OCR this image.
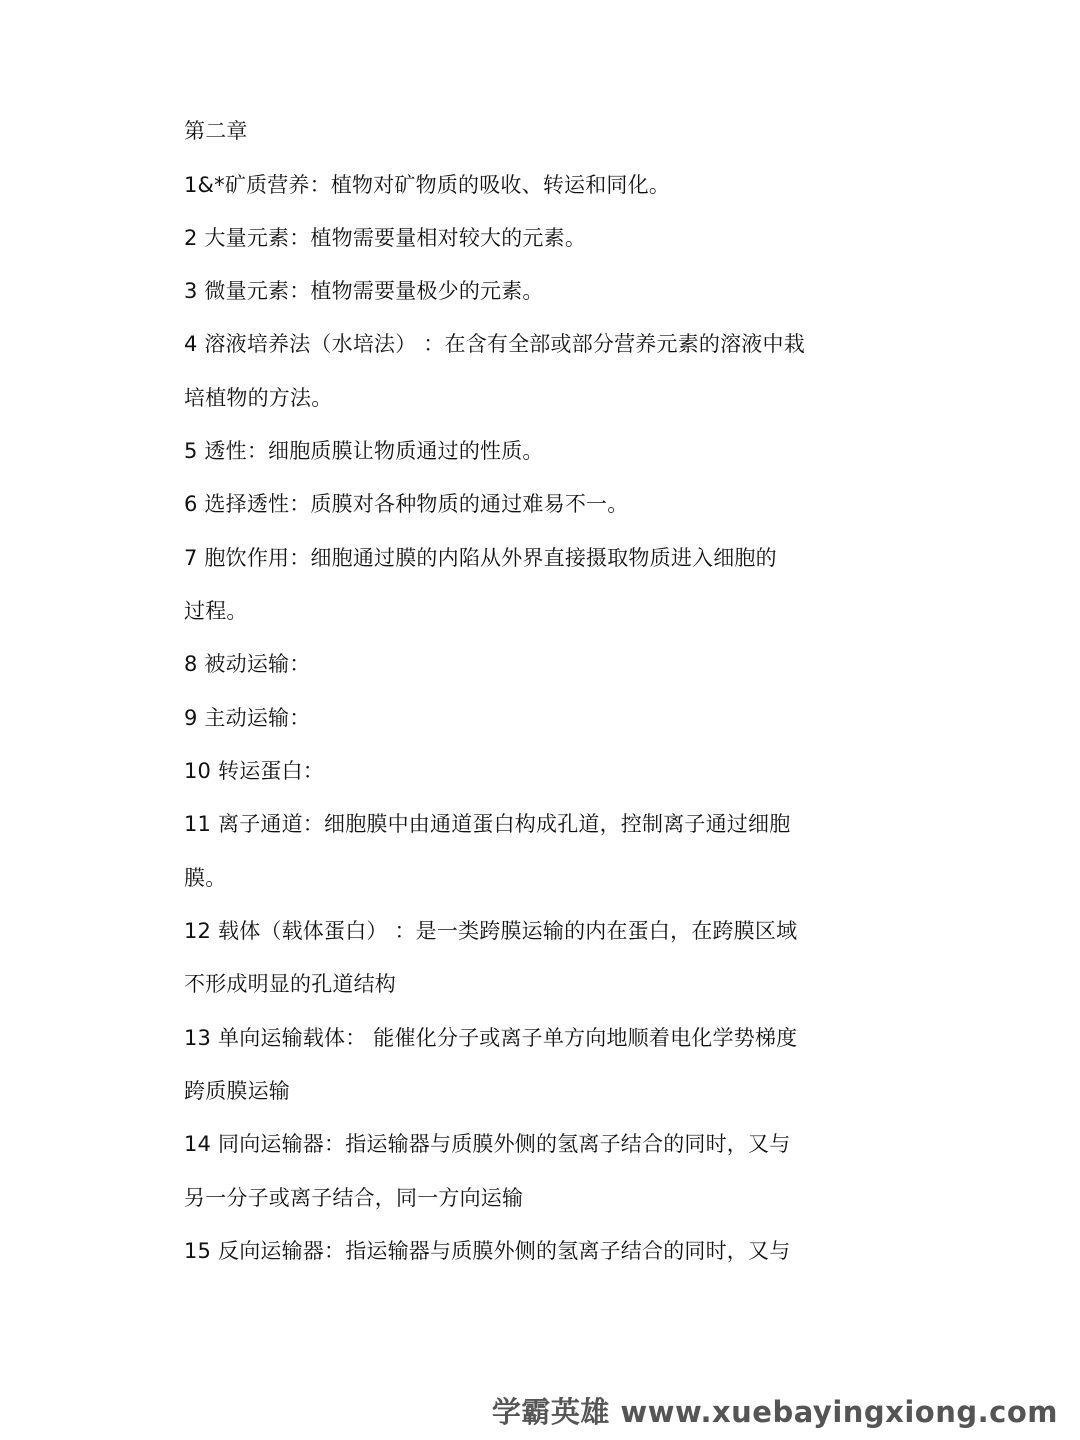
第二章
1&*矿质营养：植物对矿物质的吸收、转运和同化。
2 大量元素：植物需要量相对较大的元素。
3 微量元素：植物需要量极少的元素。
4 溶液培养法（水培法） ：在含有全部或部分营养元素的溶液中栽
培植物的方法。
5 透性：细胞质膜让物质通过的性质。
6 选择透性：质膜对各种物质的通过难易不一。
7 胞饮作用：细胞通过膜的内陷从外界直接摄取物质进入细胞的
过程。
8 被动运输：
9 主动运输：
10 转运蛋白：
11 离子通道：细胞膜中由通道蛋白构成孔道，控制离子通过细胞
膜。
12 载体（载体蛋白） ：是一类跨膜运输的内在蛋白，在跨膜区域
不形成明显的孔道结构
13 单向运输载体： 能催化分子或离子单方向地顺着电化学势梯度
跨质膜运输
14 同向运输器：指运输器与质膜外侧的氢离子结合的同时，又与
另一分子或离子结合，同一方向运输
15 反向运输器：指运输器与质膜外侧的氢离子结合的同时，又与
学霸英雄 www.xuebayingxiong.com
